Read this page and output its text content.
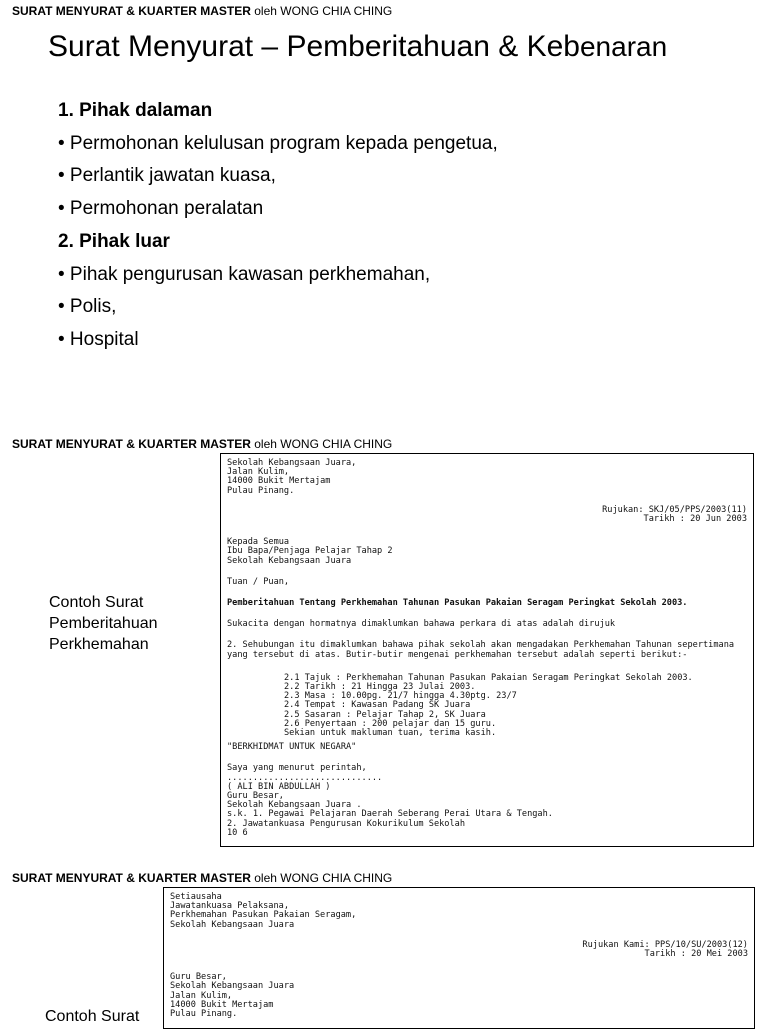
SURAT MENYURAT & KUARTER MASTER oleh WONG CHIA CHING
Surat Menyurat – Pemberitahuan & Kebenaran
1. Pihak dalaman
• Permohonan kelulusan program kepada pengetua,
• Perlantik jawatan kuasa,
• Permohonan peralatan
2. Pihak luar
• Pihak pengurusan kawasan perkhemahan,
• Polis,
• Hospital
SURAT MENYURAT & KUARTER MASTER oleh WONG CHIA CHING
Contoh Surat
Pemberitahuan
Perkhemahan
Sekolah Kebangsaan Juara,
Jalan Kulim,
14000 Bukit Mertajam
Pulau Pinang.
Rujukan: SKJ/05/PPS/2003(11)
Tarikh : 20 Jun 2003
Kepada Semua
Ibu Bapa/Penjaga Pelajar Tahap 2
Sekolah Kebangsaan Juara
Tuan / Puan,
Pemberitahuan Tentang Perkhemahan Tahunan Pasukan Pakaian Seragam Peringkat Sekolah 2003.
Sukacita dengan hormatnya dimaklumkan bahawa perkara di atas adalah dirujuk
2. Sehubungan itu dimaklumkan bahawa pihak sekolah akan mengadakan Perkhemahan Tahunan sepertimana
yang tersebut di atas. Butir-butir mengenai perkhemahan tersebut adalah seperti berikut:-
2.1 Tajuk : Perkhemahan Tahunan Pasukan Pakaian Seragam Peringkat Sekolah 2003.
2.2 Tarikh : 21 Hingga 23 Julai 2003.
2.3 Masa : 10.00pg. 21/7 hingga 4.30ptg. 23/7
2.4 Tempat : Kawasan Padang SK Juara
2.5 Sasaran : Pelajar Tahap 2, SK Juara
2.6 Penyertaan : 200 pelajar dan 15 guru.
Sekian untuk makluman tuan, terima kasih.
"BERKHIDMAT UNTUK NEGARA"
Saya yang menurut perintah,
..............................
( ALI BIN ABDULLAH )
Guru Besar,
Sekolah Kebangsaan Juara .
s.k. 1. Pegawai Pelajaran Daerah Seberang Perai Utara & Tengah.
2. Jawatankuasa Pengurusan Kokurikulum Sekolah
10 6
SURAT MENYURAT & KUARTER MASTER oleh WONG CHIA CHING
Contoh Surat
Setiausaha
Jawatankuasa Pelaksana,
Perkhemahan Pasukan Pakaian Seragam,
Sekolah Kebangsaan Juara
Rujukan Kami: PPS/10/SU/2003(12)
Tarikh : 20 Mei 2003
Guru Besar,
Sekolah Kebangsaan Juara
Jalan Kulim,
14000 Bukit Mertajam
Pulau Pinang.
